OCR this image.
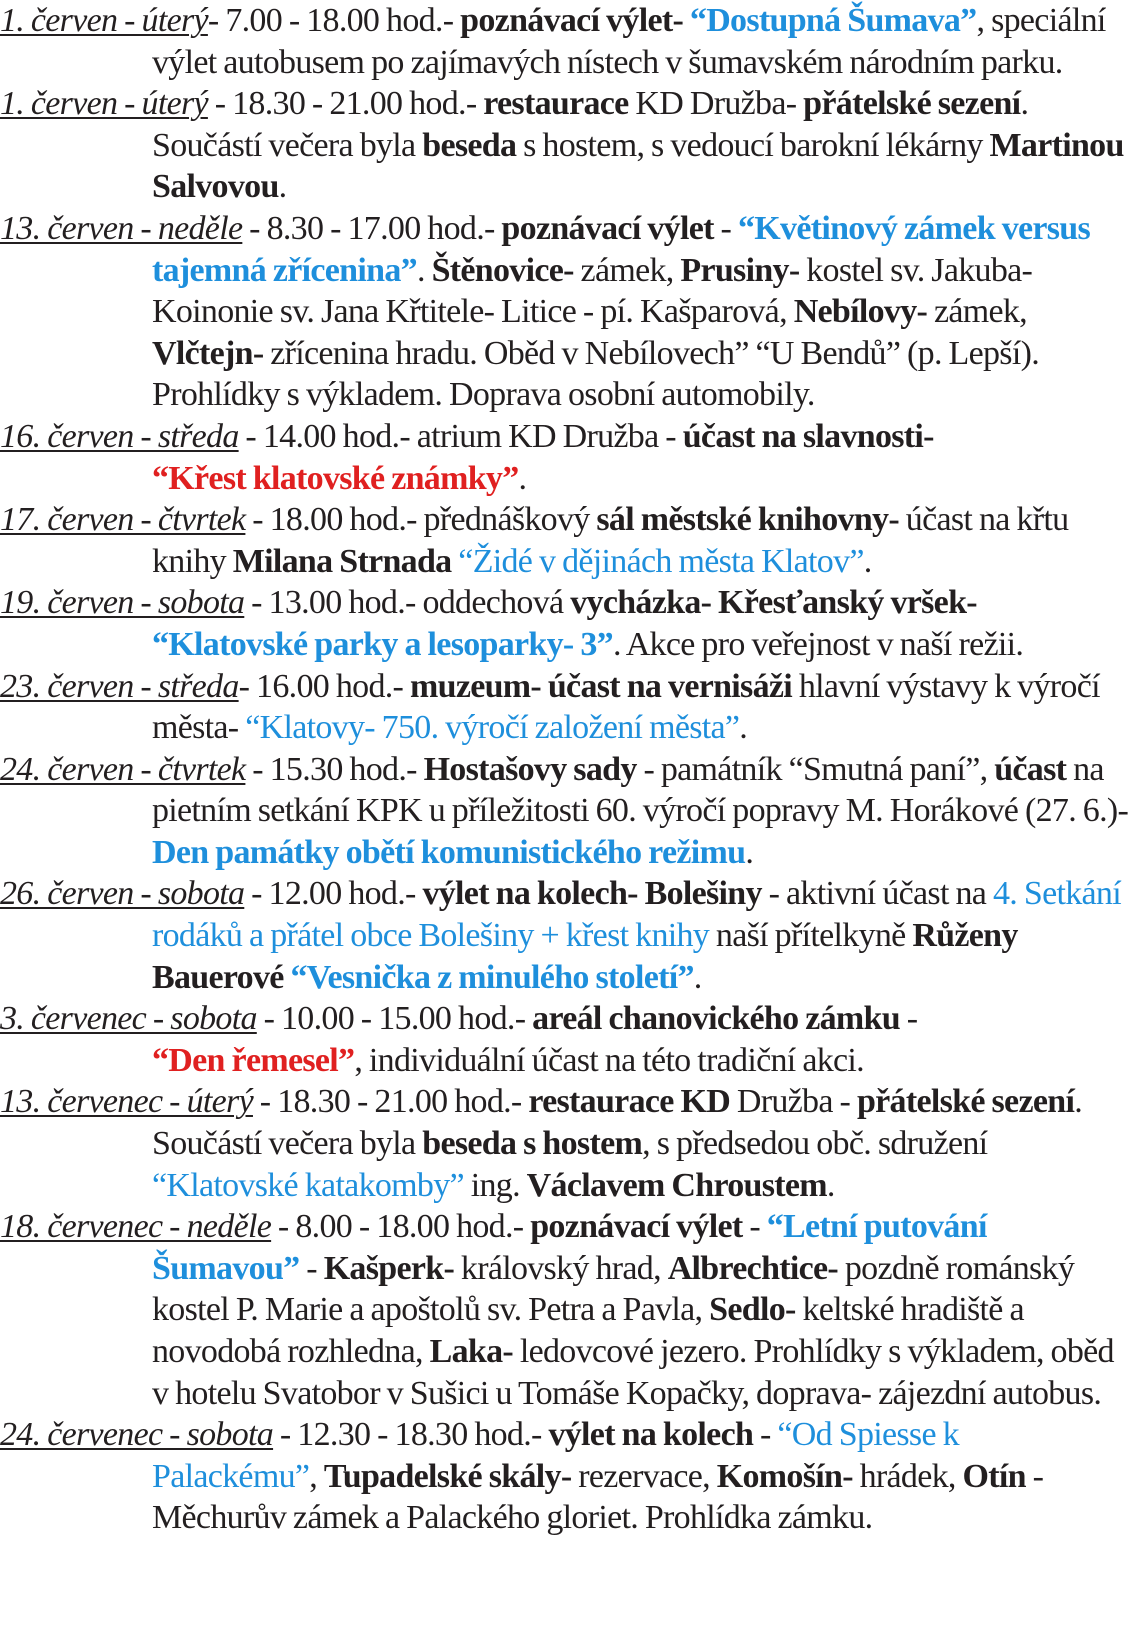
1. červen - úterý- 7.00 - 18.00 hod.- poznávací výlet- “Dostupná Šumava”, speciální výlet autobusem po zajímavých nístech v šumavském národním parku.

1. červen - úterý - 18.30 - 21.00 hod.- restaurace KD Družba- přátelské sezení. Součástí večera byla beseda s hostem, s vedoucí barokní lékárny Martinou Salvovou.

13. červen - neděle - 8.30 - 17.00 hod.- poznávací výlet - “Květinový zámek versus tajemná zřícenina”. Štěnovice- zámek, Prusiny- kostel sv. Jakuba- Koinonie sv. Jana Křtitele- Litice - pí. Kašparová, Nebílovy- zámek, Vlčtejn- zřícenina hradu. Oběd v Nebílovech” “U Bendů” (p. Lepší). Prohlídky s výkladem. Doprava osobní automobily.

16. červen - středa - 14.00 hod.- atrium KD Družba - účast na slavnosti-
“Křest klatovské známky”.

17. červen - čtvrtek - 18.00 hod.- přednáškový sál městské knihovny- účast na křtu knihy Milana Strnada “Židé v dějinách města Klatov”.

19. červen - sobota - 13.00 hod.- oddechová vycházka- Křesťanský vršek-
“Klatovské parky a lesoparky- 3”. Akce pro veřejnost v naší režii.

23. červen - středa- 16.00 hod.- muzeum- účast na vernisáži hlavní výstavy k výročí města- “Klatovy- 750. výročí založení města”.

24. červen - čtvrtek - 15.30 hod.- Hostašovy sady - památník “Smutná paní”, účast na pietním setkání KPK u příležitosti 60. výročí popravy M. Horákové (27. 6.)- Den památky obětí komunistického režimu.

26. červen - sobota - 12.00 hod.- výlet na kolech- Bolešiny - aktivní účast na 4. Setkání rodáků a přátel obce Bolešiny + křest knihy naší přítelkyně Růženy Bauerové “Vesnička z minulého století”.

3. červenec - sobota - 10.00 - 15.00 hod.- areál chanovického zámku -
“Den řemesel”, individuální účast na této tradiční akci.

13. červenec - úterý - 18.30 - 21.00 hod.- restaurace KD Družba - přátelské sezení. Součástí večera byla beseda s hostem, s předsedou obč. sdružení “Klatovské katakomby” ing. Václavem Chroustem.

18. červenec - neděle - 8.00 - 18.00 hod.- poznávací výlet - “Letní putování Šumavou” - Kašperk- královský hrad, Albrechtice- pozdně románský kostel P. Marie a apoštolů sv. Petra a Pavla, Sedlo- keltské hradiště a novodobá rozhledna, Laka- ledovcové jezero. Prohlídky s výkladem, oběd v hotelu Svatobor v Sušici u Tomáše Kopačky, doprava- zájezdní autobus.

24. červenec - sobota - 12.30 - 18.30 hod.- výlet na kolech - “Od Spiesse k Palackému”, Tupadelské skály- rezervace, Komošín- hrádek, Otín - Měchurův zámek a Palackého gloriet. Prohlídka zámku.
